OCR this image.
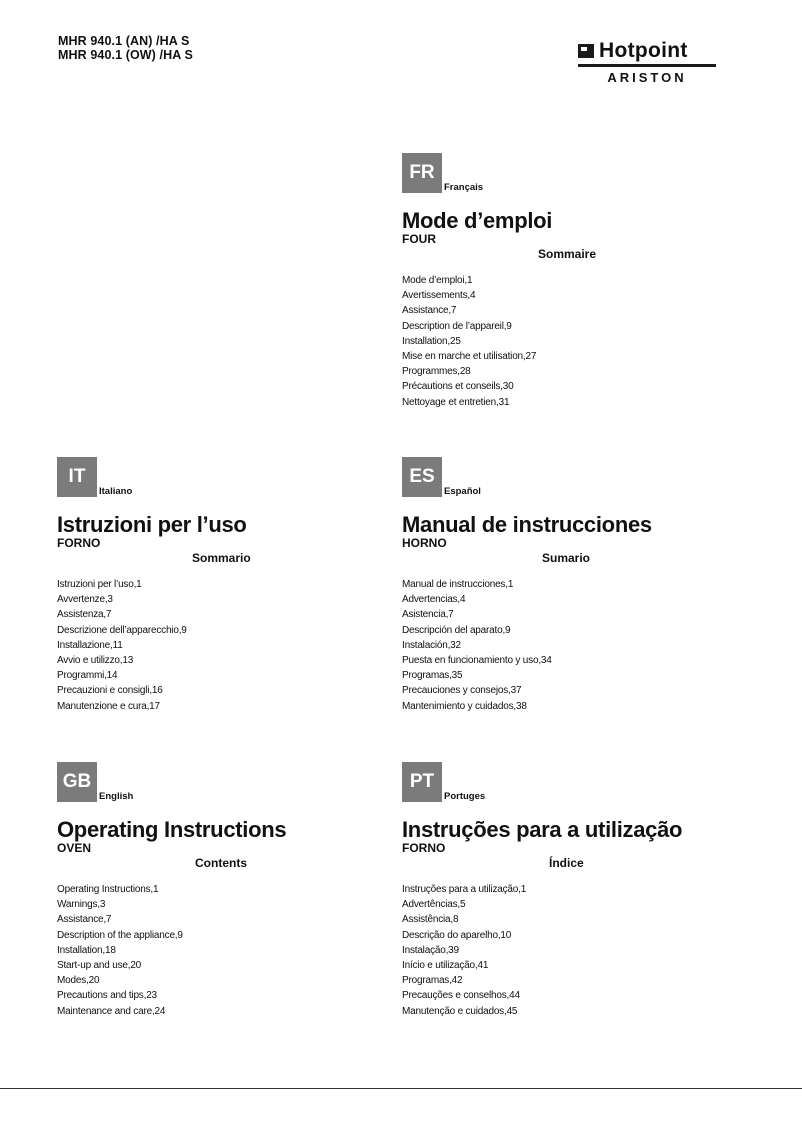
MHR 940.1 (AN) /HA S
MHR 940.1 (OW) /HA S	Hotpoint
ARISTON
FR
Français
Mode d’emploi
FOUR
Sommaire
Mode d’emploi,1
Avertissements,4
Assistance,7
Description de l’appareil,9
Installation,25
Mise en marche et utilisation,27
Programmes,28
Précautions et conseils,30
Nettoyage et entretien,31
IT
Italiano
Istruzioni per l’uso
FORNO
Sommario
Istruzioni per l’uso,1
Avvertenze,3
Assistenza,7
Descrizione dell’apparecchio,9
Installazione,11
Avvio e utilizzo,13
Programmi,14
Precauzioni e consigli,16
Manutenzione e cura,17
ES
Español
Manual de instrucciones
HORNO
Sumario
Manual de instrucciones,1
Advertencias,4
Asistencia,7
Descripción del aparato,9
Instalación,32
Puesta en funcionamiento y uso,34
Programas,35
Precauciones y consejos,37
Mantenimiento y cuidados,38
GB
English
Operating Instructions
OVEN
Contents
Operating Instructions,1
Warnings,3
Assistance,7
Description of the appliance,9
Installation,18
Start-up and use,20
Modes,20
Precautions and tips,23
Maintenance and care,24
PT
Portuges
Instruções para a utilização
FORNO
Índice
Instruções para a utilização,1
Advertências,5
Assistência,8
Descrição do aparelho,10
Instalação,39
Início e utilização,41
Programas,42
Precauções e conselhos,44
Manutenção e cuidados,45
